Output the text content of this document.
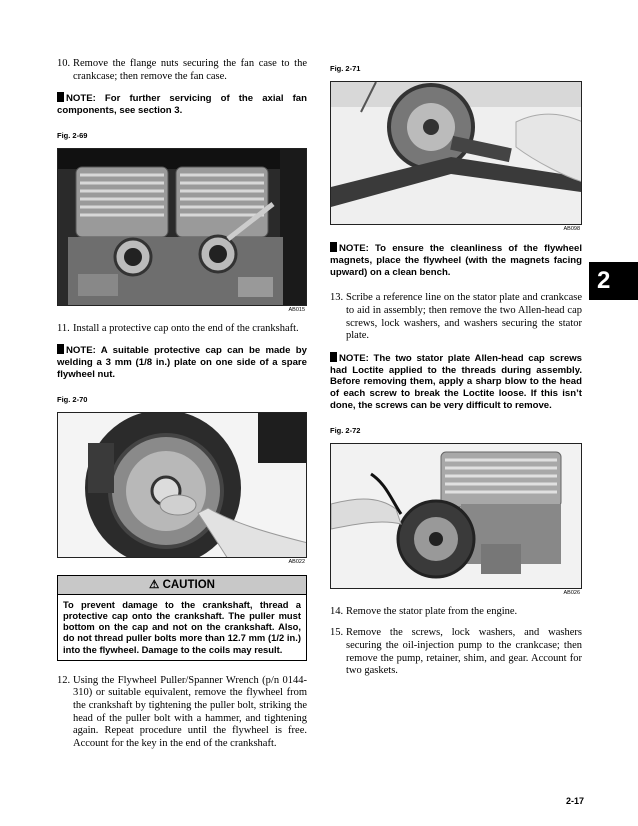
10. Remove the flange nuts securing the fan case to the crankcase; then remove the fan case.
NOTE: For further servicing of the axial fan components, see section 3.
Fig. 2-69
AB015
11. Install a protective cap onto the end of the crankshaft.
NOTE: A suitable protective cap can be made by welding a 3 mm (1/8 in.) plate on one side of a spare flywheel nut.
Fig. 2-70
AB022
⚠ CAUTION
To prevent damage to the crankshaft, thread a protective cap onto the crankshaft. The puller must bottom on the cap and not on the crankshaft. Also, do not thread puller bolts more than 12.7 mm (1/2 in.) into the flywheel. Damage to the coils may result.
12. Using the Flywheel Puller/Spanner Wrench (p/n 0144-310) or suitable equivalent, remove the flywheel from the crankshaft by tightening the puller bolt, striking the head of the puller bolt with a hammer, and tightening again. Repeat procedure until the flywheel is free. Account for the key in the end of the crankshaft.
Fig. 2-71
AB098
NOTE: To ensure the cleanliness of the flywheel magnets, place the flywheel (with the magnets facing upward) on a clean bench.
13. Scribe a reference line on the stator plate and crankcase to aid in assembly; then remove the two Allen-head cap screws, lock washers, and washers securing the stator plate.
NOTE: The two stator plate Allen-head cap screws had Loctite applied to the threads during assembly. Before removing them, apply a sharp blow to the head of each screw to break the Loctite loose. If this isn’t done, the screws can be very difficult to remove.
Fig. 2-72
AB026
14. Remove the stator plate from the engine.
15. Remove the screws, lock washers, and washers securing the oil-injection pump to the crankcase; then remove the pump, retainer, shim, and gear. Account for two gaskets.
2
2-17
